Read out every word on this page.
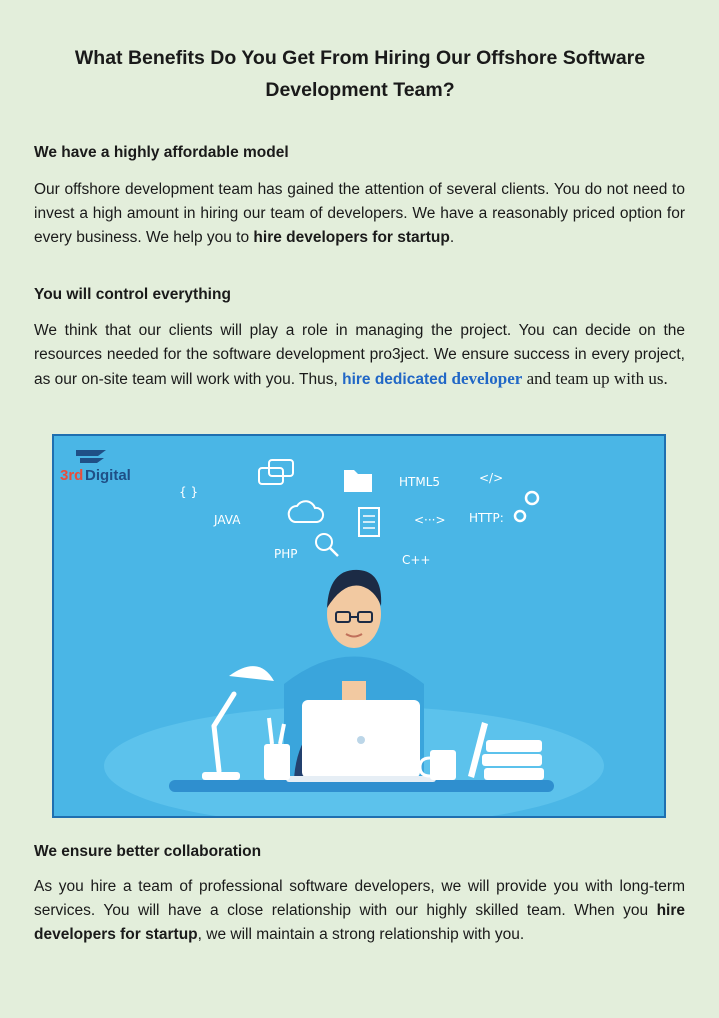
What Benefits Do You Get From Hiring Our Offshore Software Development Team?
We have a highly affordable model
Our offshore development team has gained the attention of several clients. You do not need to invest a high amount in hiring our team of developers. We have a reasonably priced option for every business. We help you to hire developers for startup.
You will control everything
We think that our clients will play a role in managing the project. You can decide on the resources needed for the software development pro3ject. We ensure success in every project, as our on-site team will work with you. Thus, hire dedicated developer and team up with us.
3rd Digital
{ }
JAVA
HTML5	</>
<···> HTTP:
PHP	C++
We ensure better collaboration
As you hire a team of professional software developers, we will provide you with long-term services. You will have a close relationship with our highly skilled team. When you hire developers for startup, we will maintain a strong relationship with you.
